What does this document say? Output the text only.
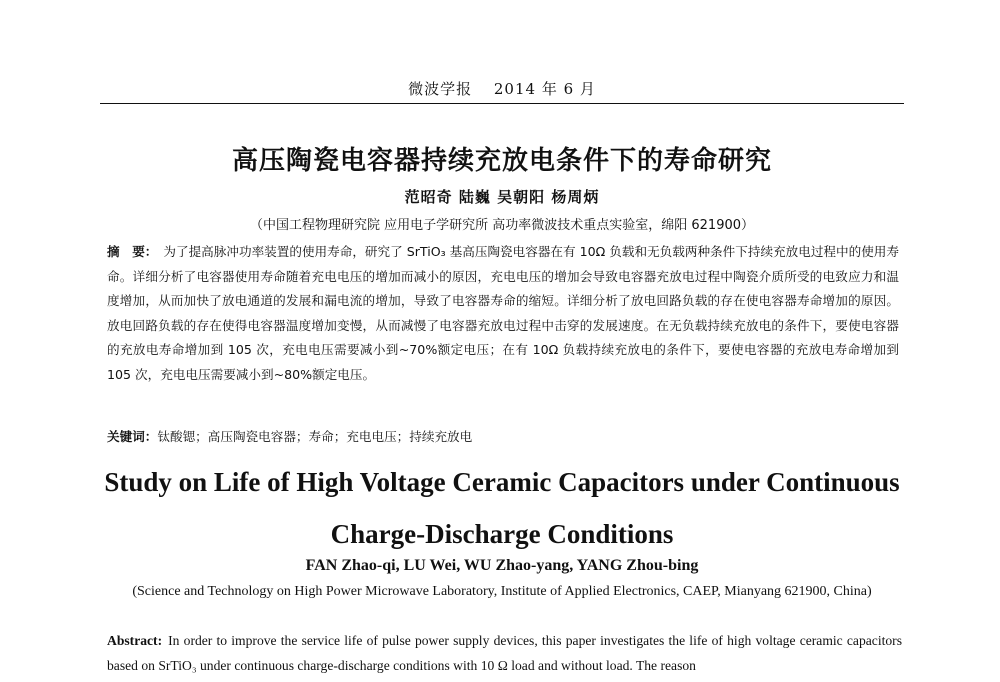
微波学报 2014 年 6 月
高压陶瓷电容器持续充放电条件下的寿命研究
范昭奇 陆巍 吴朝阳 杨周炳
（中国工程物理研究院 应用电子学研究所 高功率微波技术重点实验室，绵阳 621900）

摘　要： 为了提高脉冲功率装置的使用寿命，研究了 SrTiO₃ 基高压陶瓷电容器在有 10Ω 负载和无负载两种条件下持续充放电过程中的使用寿命。详细分析了电容器使用寿命随着充电电压的增加而减小的原因，充电电压的增加会导致电容器充放电过程中陶瓷介质所受的电致应力和温度增加，从而加快了放电通道的发展和漏电流的增加，导致了电容器寿命的缩短。详细分析了放电回路负载的存在使电容器寿命增加的原因。放电回路负载的存在使得电容器温度增加变慢，从而减慢了电容器充放电过程中击穿的发展速度。在无负载持续充放电的条件下，要使电容器的充放电寿命增加到 105 次，充电电压需要减小到~70%额定电压；在有 10Ω 负载持续充放电的条件下，要使电容器的充放电寿命增加到 105 次，充电电压需要减小到~80%额定电压。

关键词：钛酸锶；高压陶瓷电容器；寿命；充电电压；持续充放电
Study on Life of High Voltage Ceramic Capacitors under Continuous Charge-Discharge Conditions
FAN Zhao-qi, LU Wei, WU Zhao-yang, YANG Zhou-bing
(Science and Technology on High Power Microwave Laboratory, Institute of Applied Electronics, CAEP, Mianyang 621900, China)

Abstract: In order to improve the service life of pulse power supply devices, this paper investigates the life of high voltage ceramic capacitors based on SrTiO₃ under continuous charge-discharge conditions with 10 Ω load and without load. The reason
